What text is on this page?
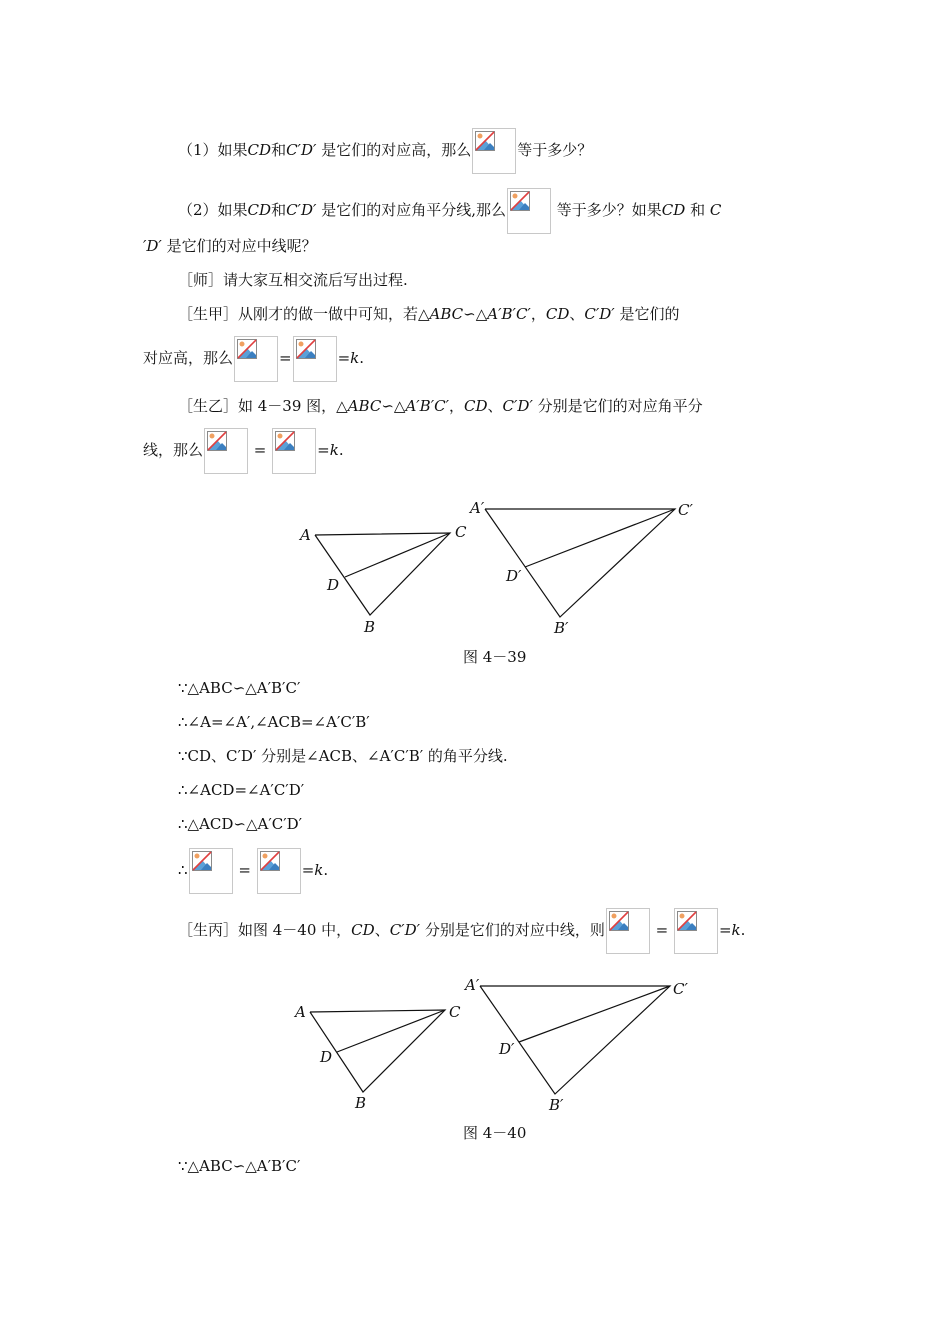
（1）如果CD和C′D′ 是它们的对应高，那么	等于多少？
（2）如果CD和C′D′ 是它们的对应角平分线,那么	等于多少？如果CD 和 C
′D′ 是它们的对应中线呢？
［师］请大家互相交流后写出过程.
［生甲］从刚才的做一做中可知，若△ABC∽△A′B′C′，CD、C′D′ 是它们的
对应高，那么	=	=k.
［生乙］如 4－39 图，△ABC∽△A′B′C′，CD、C′D′ 分别是它们的对应角平分
线，那么	=	=k.
A	C
D
B
A′	C′
D′
B′
图 4－39
∵△ABC∽△A′B′C′
∴∠A=∠A′,∠ACB=∠A′C′B′
∵CD、C′D′ 分别是∠ACB、∠A′C′B′ 的角平分线.
∴∠ACD=∠A′C′D′
∴△ACD∽△A′C′D′
∴	=	=k.
［生丙］如图 4－40 中，CD、C′D′ 分别是它们的对应中线，则	=	=k.
A	C
D
B
A′	C′
D′
B′
图 4－40
∵△ABC∽△A′B′C′
